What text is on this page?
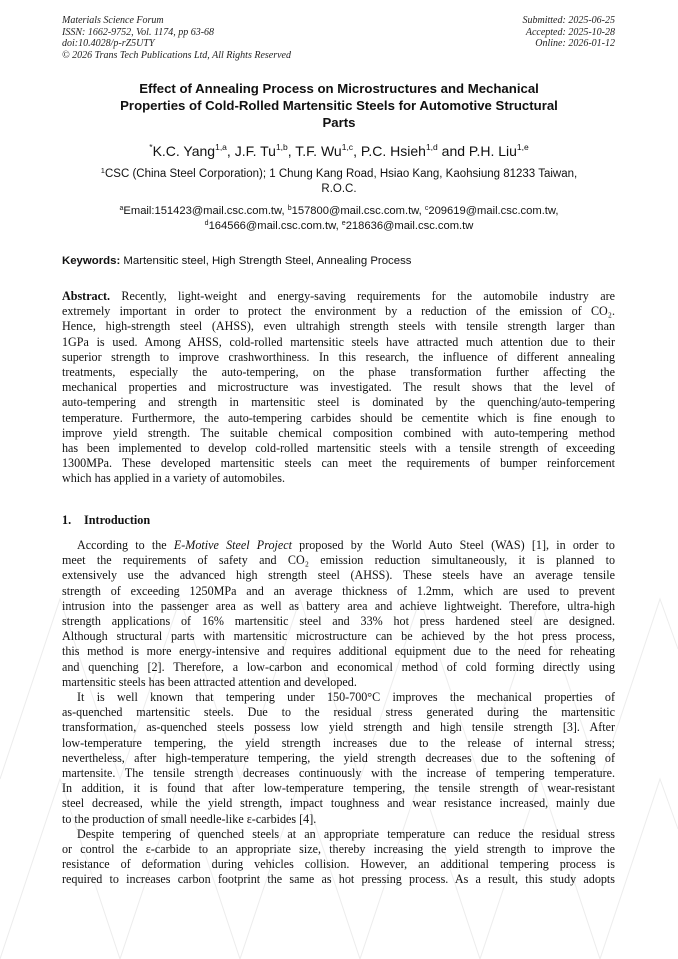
Materials Science Forum
ISSN: 1662-9752, Vol. 1174, pp 63-68
doi:10.4028/p-rZ5UTY
© 2026 Trans Tech Publications Ltd, All Rights Reserved
Submitted: 2025-06-25
Accepted: 2025-10-28
Online: 2026-01-12
Effect of Annealing Process on Microstructures and Mechanical
Properties of Cold-Rolled Martensitic Steels for Automotive Structural
Parts
*K.C. Yang$^{1,a}$, J.F. Tu$^{1,b}$, T.F. Wu$^{1,c}$, P.C. Hsieh$^{1,d}$ and P.H. Liu$^{1,e}$
$^1$CSC (China Steel Corporation); 1 Chung Kang Road, Hsiao Kang, Kaohsiung 81233 Taiwan,
R.O.C.
$^a$Email:151423@mail.csc.com.tw, $^b$157800@mail.csc.com.tw, $^c$209619@mail.csc.com.tw,
$^d$164566@mail.csc.com.tw, $^e$218636@mail.csc.com.tw
Keywords: Martensitic steel, High Strength Steel, Annealing Process
Abstract. Recently, light-weight and energy-saving requirements for the automobile industry are
extremely important in order to protect the environment by a reduction of the emission of CO₂.
Hence, high-strength steel (AHSS), even ultrahigh strength steels with tensile strength larger than
1GPa is used. Among AHSS, cold-rolled martensitic steels have attracted much attention due to their
superior strength to improve crashworthiness. In this research, the influence of different annealing
treatments, especially the auto-tempering, on the phase transformation further affecting the
mechanical properties and microstructure was investigated. The result shows that the level of
auto-tempering and strength in martensitic steel is dominated by the quenching/auto-tempering
temperature. Furthermore, the auto-tempering carbides should be cementite which is fine enough to
improve yield strength. The suitable chemical composition combined with auto-tempering method
has been implemented to develop cold-rolled martensitic steels with a tensile strength of exceeding
1300MPa. These developed martensitic steels can meet the requirements of bumper reinforcement
which has applied in a variety of automobiles.
1. Introduction
According to the E-Motive Steel Project proposed by the World Auto Steel (WAS) [1], in order to
meet the requirements of safety and CO₂ emission reduction simultaneously, it is planned to
extensively use the advanced high strength steel (AHSS). These steels have an average tensile
strength of exceeding 1250MPa and an average thickness of 1.2mm, which are used to prevent
intrusion into the passenger area as well as battery area and achieve lightweight. Therefore, ultra-high
strength applications of 16% martensitic steel and 33% hot press hardened steel are designed.
Although structural parts with martensitic microstructure can be achieved by the hot press process,
this method is more energy-intensive and requires additional equipment due to the need for reheating
and quenching [2]. Therefore, a low-carbon and economical method of cold forming directly using
martensitic steels has been attracted attention and developed.
It is well known that tempering under 150-700°C improves the mechanical properties of
as-quenched martensitic steels. Due to the residual stress generated during the martensitic
transformation, as-quenched steels possess low yield strength and high tensile strength [3]. After
low-temperature tempering, the yield strength increases due to the release of internal stress;
nevertheless, after high-temperature tempering, the yield strength decreases due to the softening of
martensite. The tensile strength decreases continuously with the increase of tempering temperature.
In addition, it is found that after low-temperature tempering, the tensile strength of wear-resistant
steel decreased, while the yield strength, impact toughness and wear resistance increased, mainly due
to the production of small needle-like ε-carbides [4].
Despite tempering of quenched steels at an appropriate temperature can reduce the residual stress
or control the ε-carbide to an appropriate size, thereby increasing the yield strength to improve the
resistance of deformation during vehicles collision. However, an additional tempering process is
required to increases carbon footprint the same as hot pressing process. As a result, this study adopts
